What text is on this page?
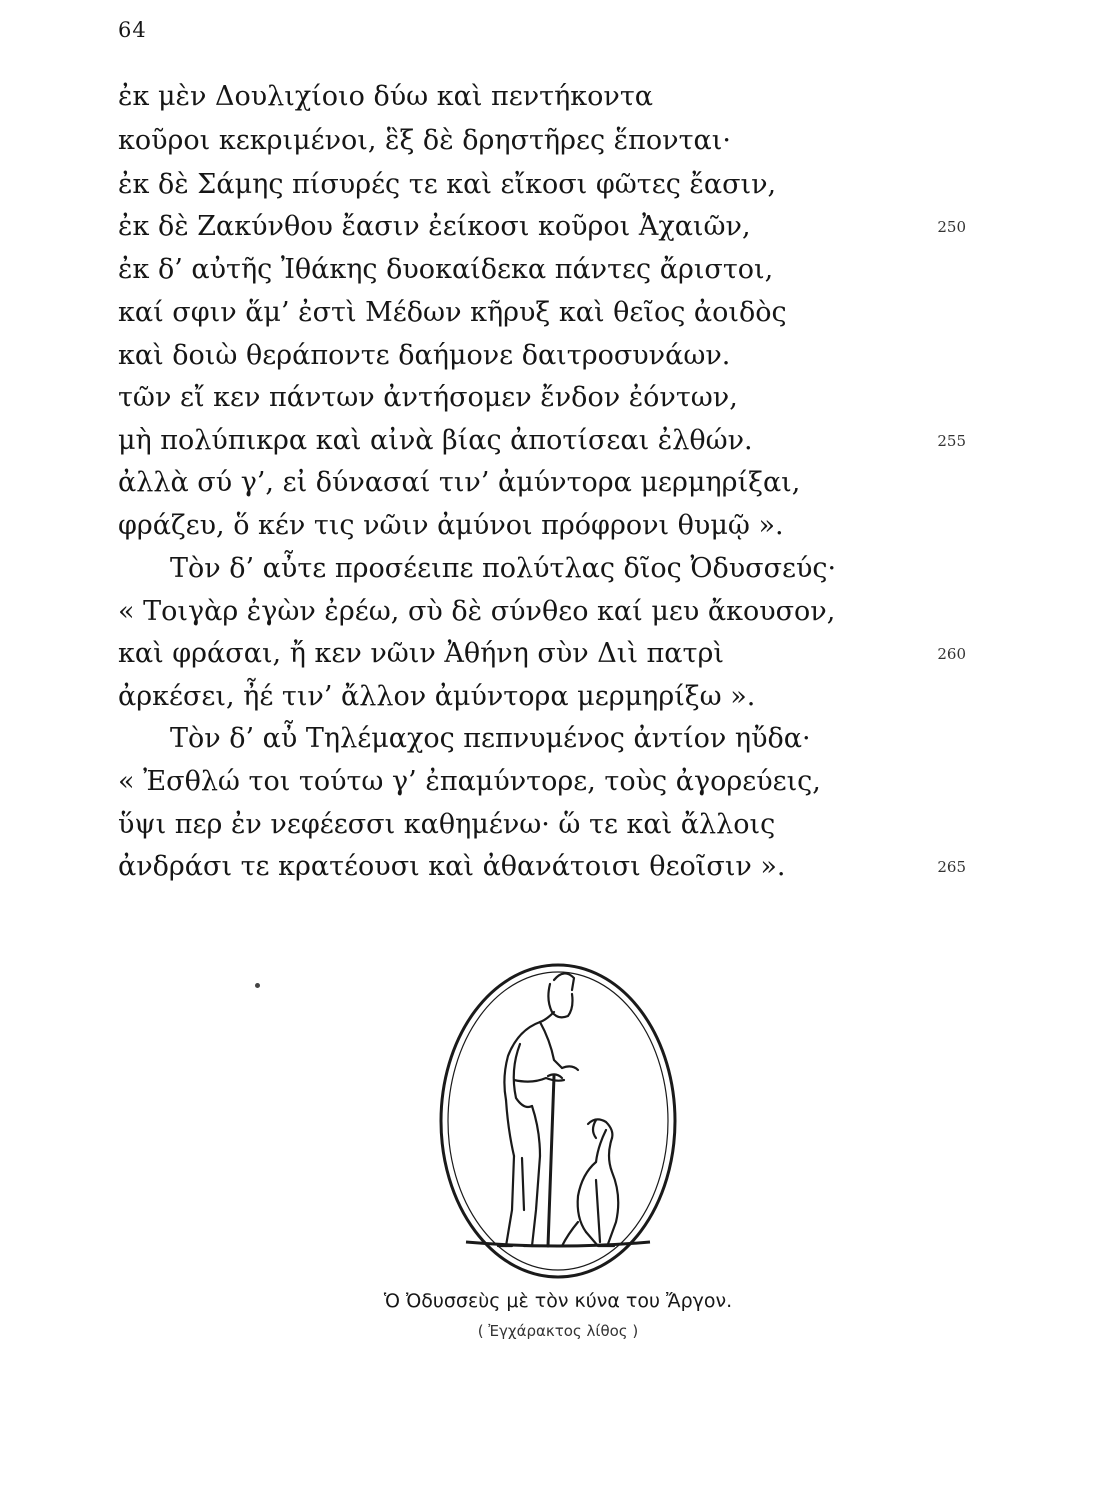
64
ἐκ μὲν Δουλιχίοιο δύω καὶ πεντήκοντα
κοῦροι κεκριμένοι, ἓξ δὲ δρηστῆρες ἕπονται·
ἐκ δὲ Σάμης πίσυρές τε καὶ εἴκοσι φῶτες ἔασιν,
ἐκ δὲ Ζακύνθου ἔασιν ἐείκοσι κοῦροι Ἀχαιῶν,
ἐκ δ’ αὐτῆς Ἰθάκης δυοκαίδεκα πάντες ἄριστοι,
καί σφιν ἅμ’ ἐστὶ Μέδων κῆρυξ καὶ θεῖος ἀοιδὸς
καὶ δοιὼ θεράποντε δαήμονε δαιτροσυνάων.
τῶν εἴ κεν πάντων ἀντήσομεν ἔνδον ἐόντων,
μὴ πολύπικρα καὶ αἰνὰ βίας ἀποτίσεαι ἐλθών.
ἀλλὰ σύ γ’, εἰ δύνασαί τιν’ ἀμύντορα μερμηρίξαι,
φράζευ, ὅ κέν τις νῶιν ἀμύνοι πρόφρονι θυμῷ ».
Τὸν δ’ αὖτε προσέειπε πολύτλας δῖος Ὀδυσσεύς·
« Τοιγὰρ ἐγὼν ἐρέω, σὺ δὲ σύνθεο καί μευ ἄκουσον,
καὶ φράσαι, ἤ κεν νῶιν Ἀθήνη σὺν Διὶ πατρὶ
ἀρκέσει, ἦέ τιν’ ἄλλον ἀμύντορα μερμηρίξω ».
Τὸν δ’ αὖ Τηλέμαχος πεπνυμένος ἀντίον ηὔδα·
« Ἐσθλώ τοι τούτω γ’ ἐπαμύντορε, τοὺς ἀγορεύεις,
ὕψι περ ἐν νεφέεσσι καθημένω· ὥ τε καὶ ἄλλοις
ἀνδράσι τε κρατέουσι καὶ ἀθανάτοισι θεοῖσιν ».
250
255
260
265
Ὁ Ὀδυσσεὺς μὲ τὸν κύνα του Ἄργον.
( Ἐγχάρακτος λίθος )
